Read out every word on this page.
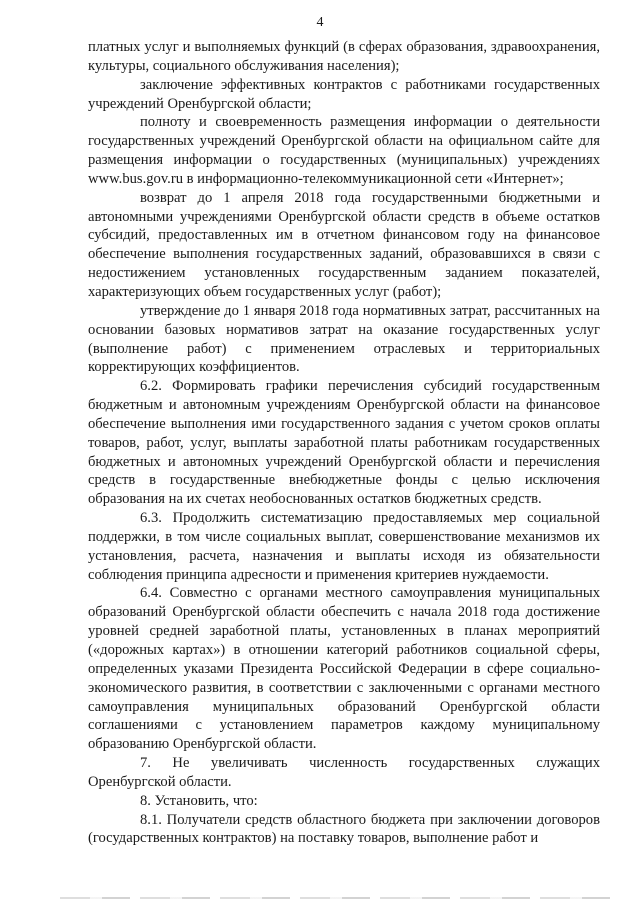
4

платных услуг и выполняемых функций (в сферах образования, здравоохранения, культуры, социального обслуживания населения);

заключение эффективных контрактов с работниками государственных учреждений Оренбургской области;

полноту и своевременность размещения информации о деятельности государственных учреждений Оренбургской области на официальном сайте для размещения информации о государственных (муниципальных) учреждениях www.bus.gov.ru в информационно-телекоммуникационной сети «Интернет»;

возврат до 1 апреля 2018 года государственными бюджетными и автономными учреждениями Оренбургской области средств в объеме остатков субсидий, предоставленных им в отчетном финансовом году на финансовое обеспечение выполнения государственных заданий, образовавшихся в связи с недостижением установленных государственным заданием показателей, характеризующих объем государственных услуг (работ);

утверждение до 1 января 2018 года нормативных затрат, рассчитанных на основании базовых нормативов затрат на оказание государственных услуг (выполнение работ) с применением отраслевых и территориальных корректирующих коэффициентов.

6.2. Формировать графики перечисления субсидий государственным бюджетным и автономным учреждениям Оренбургской области на финансовое обеспечение выполнения ими государственного задания с учетом сроков оплаты товаров, работ, услуг, выплаты заработной платы работникам государственных бюджетных и автономных учреждений Оренбургской области и перечисления средств в государственные внебюджетные фонды с целью исключения образования на их счетах необоснованных остатков бюджетных средств.

6.3. Продолжить систематизацию предоставляемых мер социальной поддержки, в том числе социальных выплат, совершенствование механизмов их установления, расчета, назначения и выплаты исходя из обязательности соблюдения принципа адресности и применения критериев нуждаемости.

6.4. Совместно с органами местного самоуправления муниципальных образований Оренбургской области обеспечить с начала 2018 года достижение уровней средней заработной платы, установленных в планах мероприятий («дорожных картах») в отношении категорий работников социальной сферы, определенных указами Президента Российской Федерации в сфере социально-экономического развития, в соответствии с заключенными с органами местного самоуправления муниципальных образований Оренбургской области соглашениями с установлением параметров каждому муниципальному образованию Оренбургской области.

7. Не увеличивать численность государственных служащих Оренбургской области.

8. Установить, что:

8.1. Получатели средств областного бюджета при заключении договоров (государственных контрактов) на поставку товаров, выполнение работ и
